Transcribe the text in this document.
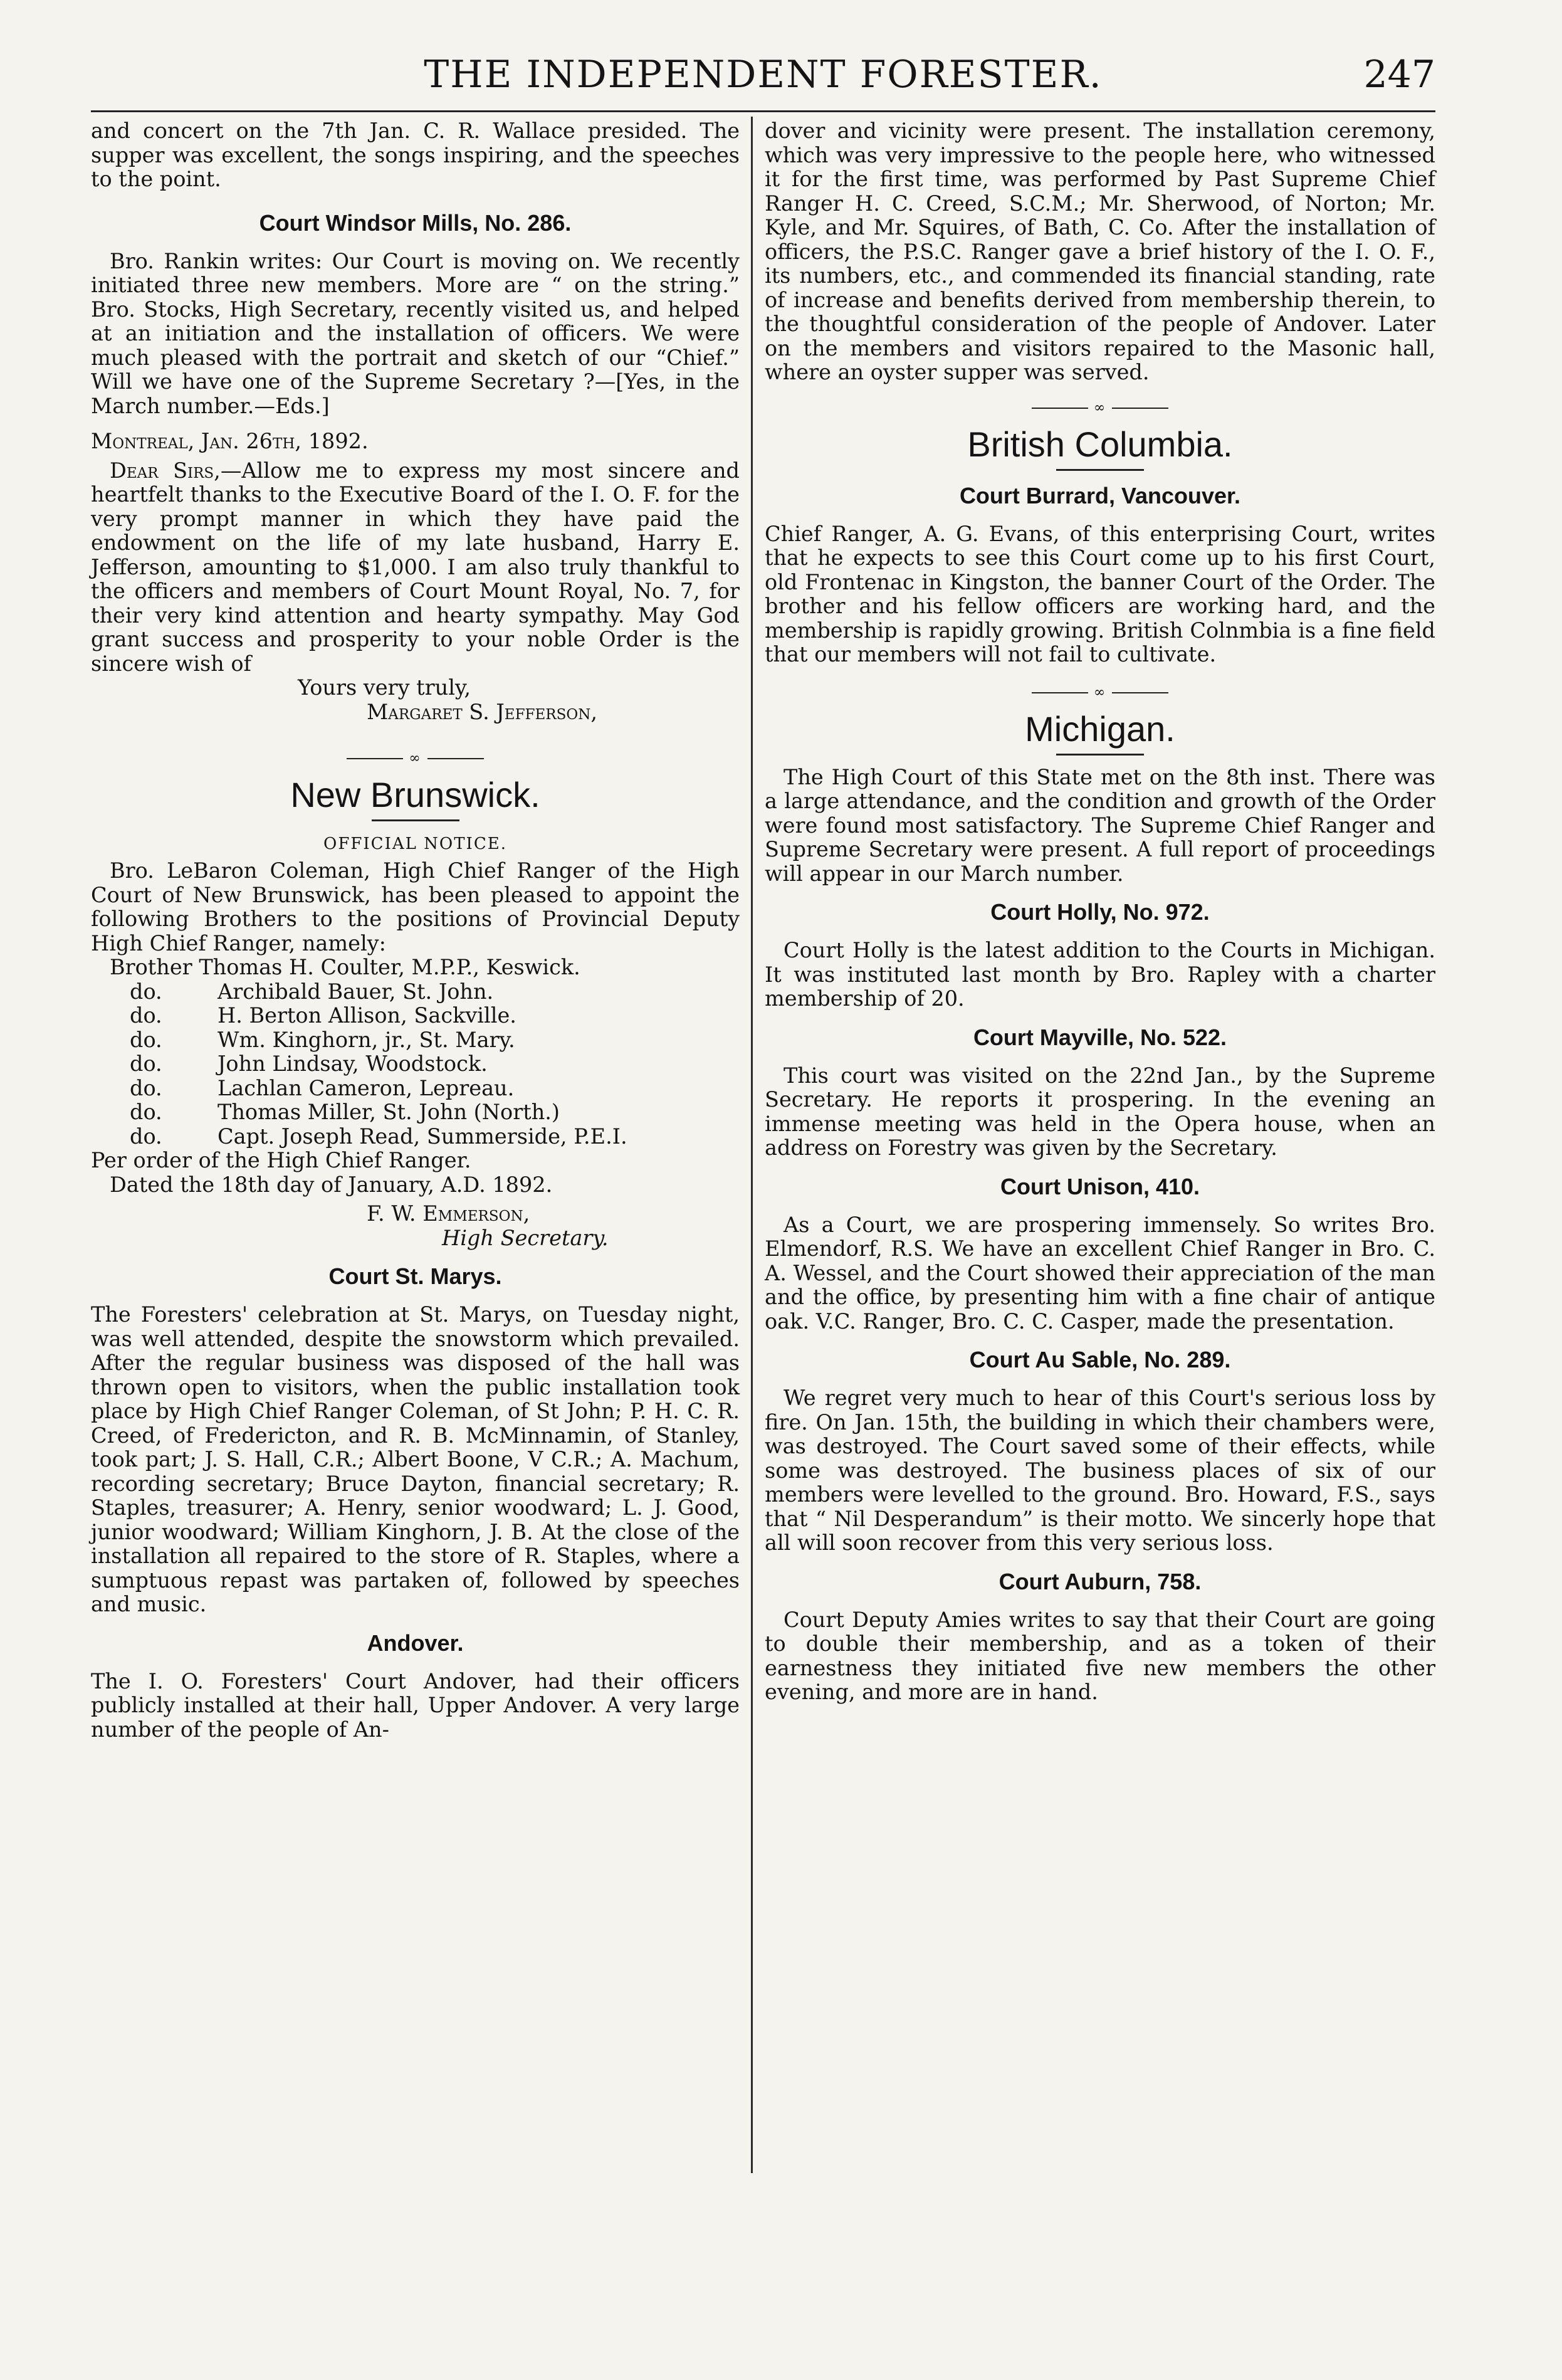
THE INDEPENDENT FORESTER.	247

and concert on the 7th Jan. C. R. Wallace presided. The supper was excellent, the songs inspiring, and the speeches to the point.

Court Windsor Mills, No. 286.

Bro. Rankin writes: Our Court is moving on. We recently initiated three new members. More are “ on the string.” Bro. Stocks, High Secretary, recently visited us, and helped at an initiation and the installation of officers. We were much pleased with the portrait and sketch of our “Chief.” Will we have one of the Supreme Secretary ?—[Yes, in the March number.—Eds.]

Montreal, Jan. 26th, 1892.

Dear Sirs,—Allow me to express my most sincere and heartfelt thanks to the Executive Board of the I. O. F. for the very prompt manner in which they have paid the endowment on the life of my late husband, Harry E. Jefferson, amounting to $1,000. I am also truly thankful to the officers and members of Court Mount Royal, No. 7, for their very kind attention and hearty sympathy. May God grant success and prosperity to your noble Order is the sincere wish of

Yours very truly,
Margaret S. Jefferson,
∞
New Brunswick.
OFFICIAL NOTICE.

Bro. LeBaron Coleman, High Chief Ranger of the High Court of New Brunswick, has been pleased to appoint the following Brothers to the positions of Provincial Deputy High Chief Ranger, namely:

Brother Thomas H. Coulter, M.P.P., Keswick.
do.	Archibald Bauer, St. John.
do.	H. Berton Allison, Sackville.
do.	Wm. Kinghorn, jr., St. Mary.
do.	John Lindsay, Woodstock.
do.	Lachlan Cameron, Lepreau.
do.	Thomas Miller, St. John (North.)
do.	Capt. Joseph Read, Summerside, P.E.I.

Per order of the High Chief Ranger.

Dated the 18th day of January, A.D. 1892.

F. W. Emmerson,
High Secretary.
Court St. Marys.

The Foresters' celebration at St. Marys, on Tuesday night, was well attended, despite the snowstorm which prevailed. After the regular business was disposed of the hall was thrown open to visitors, when the public installation took place by High Chief Ranger Coleman, of St John; P. H. C. R. Creed, of Fredericton, and R. B. McMinnamin, of Stanley, took part; J. S. Hall, C.R.; Albert Boone, V C.R.; A. Machum, recording secretary; Bruce Dayton, financial secretary; R. Staples, treasurer; A. Henry, senior woodward; L. J. Good, junior woodward; William Kinghorn, J. B. At the close of the installation all repaired to the store of R. Staples, where a sumptuous repast was partaken of, followed by speeches and music.

Andover.

The I. O. Foresters' Court Andover, had their officers publicly installed at their hall, Upper Andover. A very large number of the people of An-

dover and vicinity were present. The installation ceremony, which was very impressive to the people here, who witnessed it for the first time, was performed by Past Supreme Chief Ranger H. C. Creed, S.C.M.; Mr. Sherwood, of Norton; Mr. Kyle, and Mr. Squires, of Bath, C. Co. After the installation of officers, the P.S.C. Ranger gave a brief history of the I. O. F., its numbers, etc., and commended its financial standing, rate of increase and benefits derived from membership therein, to the thoughtful consideration of the people of Andover. Later on the members and visitors repaired to the Masonic hall, where an oyster supper was served.

∞
British Columbia.
Court Burrard, Vancouver.

Chief Ranger, A. G. Evans, of this enterprising Court, writes that he expects to see this Court come up to his first Court, old Frontenac in Kingston, the banner Court of the Order. The brother and his fellow officers are working hard, and the membership is rapidly growing. British Colnmbia is a fine field that our members will not fail to cultivate.

∞
Michigan.

The High Court of this State met on the 8th inst. There was a large attendance, and the condition and growth of the Order were found most satisfactory. The Supreme Chief Ranger and Supreme Secretary were present. A full report of proceedings will appear in our March number.

Court Holly, No. 972.

Court Holly is the latest addition to the Courts in Michigan. It was instituted last month by Bro. Rapley with a charter membership of 20.

Court Mayville, No. 522.

This court was visited on the 22nd Jan., by the Supreme Secretary. He reports it prospering. In the evening an immense meeting was held in the Opera house, when an address on Forestry was given by the Secretary.

Court Unison, 410.

As a Court, we are prospering immensely. So writes Bro. Elmendorf, R.S. We have an excellent Chief Ranger in Bro. C. A. Wessel, and the Court showed their appreciation of the man and the office, by presenting him with a fine chair of antique oak. V.C. Ranger, Bro. C. C. Casper, made the presentation.

Court Au Sable, No. 289.

We regret very much to hear of this Court's serious loss by fire. On Jan. 15th, the building in which their chambers were, was destroyed. The Court saved some of their effects, while some was destroyed. The business places of six of our members were levelled to the ground. Bro. Howard, F.S., says that “ Nil Desperandum” is their motto. We sincerly hope that all will soon recover from this very serious loss.

Court Auburn, 758.

Court Deputy Amies writes to say that their Court are going to double their membership, and as a token of their earnestness they initiated five new members the other evening, and more are in hand.
